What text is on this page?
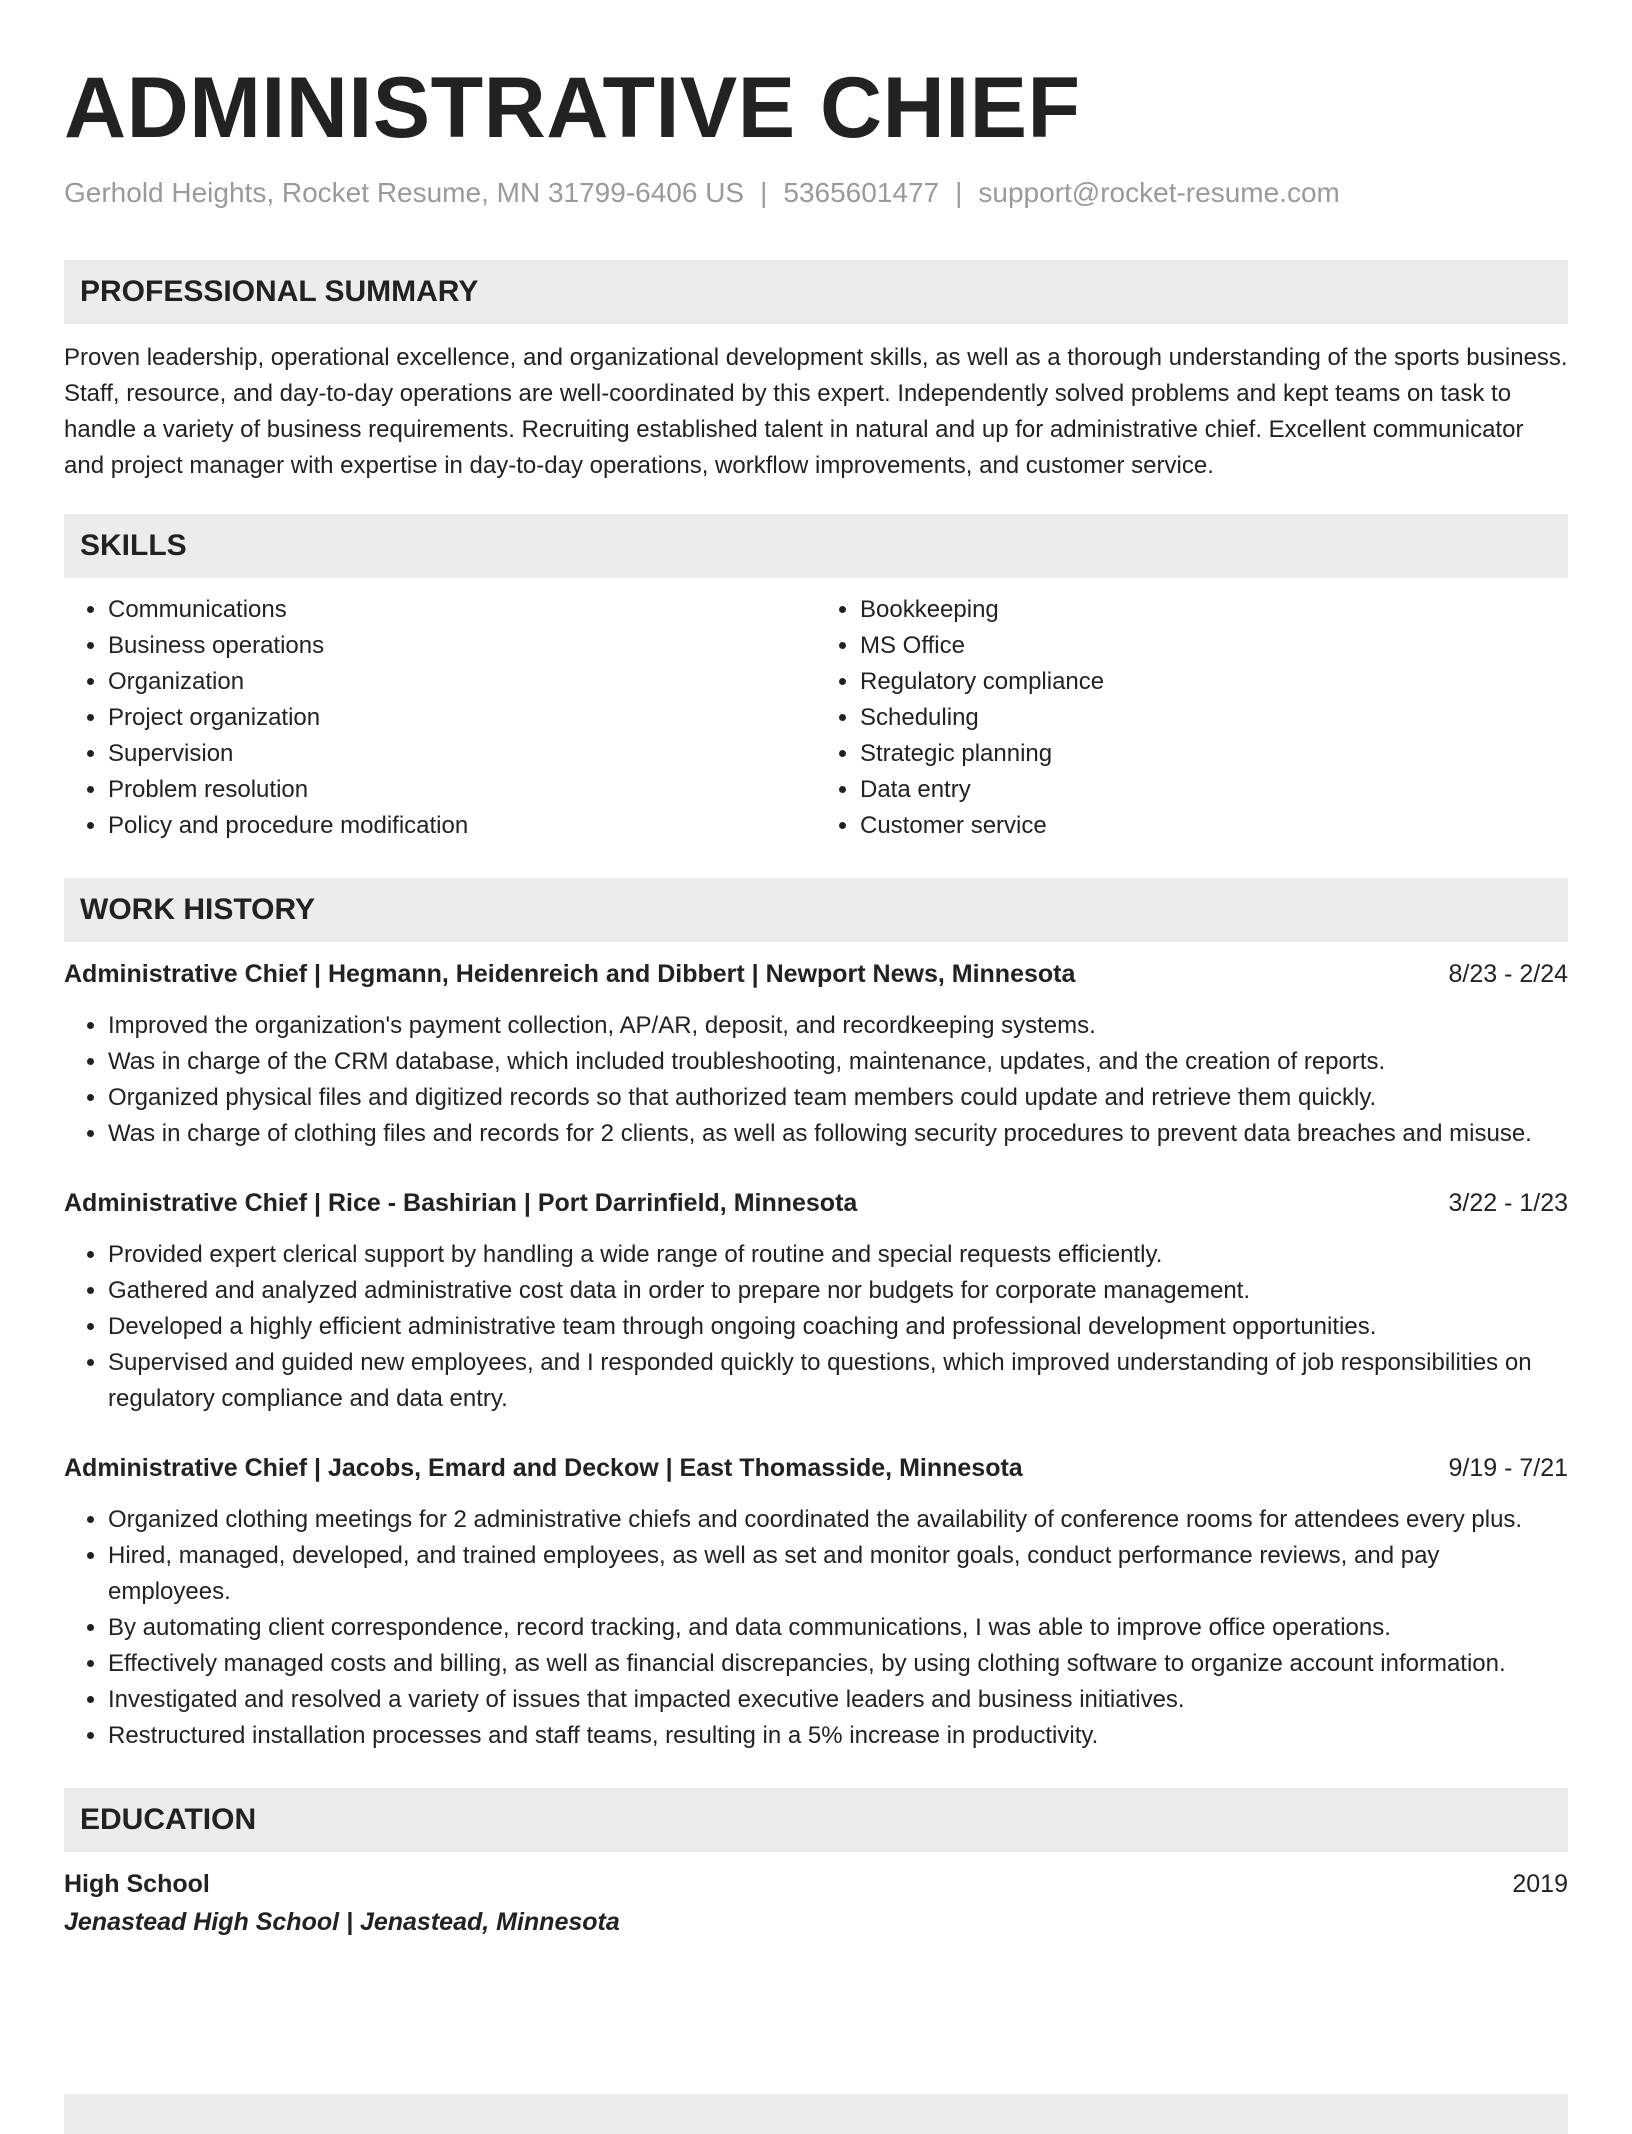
ADMINISTRATIVE CHIEF
Gerhold Heights, Rocket Resume, MN 31799-6406 US | 5365601477 | support@rocket-resume.com
PROFESSIONAL SUMMARY

Proven leadership, operational excellence, and organizational development skills, as well as a thorough understanding of the sports business. Staff, resource, and day-to-day operations are well-coordinated by this expert. Independently solved problems and kept teams on task to handle a variety of business requirements. Recruiting established talent in natural and up for administrative chief. Excellent communicator and project manager with expertise in day-to-day operations, workflow improvements, and customer service.

SKILLS
• Communications
• Business operations
• Organization
• Project organization
• Supervision
• Problem resolution
• Policy and procedure modification
• Bookkeeping
• MS Office
• Regulatory compliance
• Scheduling
• Strategic planning
• Data entry
• Customer service
WORK HISTORY
Administrative Chief | Hegmann, Heidenreich and Dibbert | Newport News, Minnesota	8/23 - 2/24
• Improved the organization's payment collection, AP/AR, deposit, and recordkeeping systems.
• Was in charge of the CRM database, which included troubleshooting, maintenance, updates, and the creation of reports.
• Organized physical files and digitized records so that authorized team members could update and retrieve them quickly.
• Was in charge of clothing files and records for 2 clients, as well as following security procedures to prevent data breaches and misuse.
Administrative Chief | Rice - Bashirian | Port Darrinfield, Minnesota	3/22 - 1/23
• Provided expert clerical support by handling a wide range of routine and special requests efficiently.
• Gathered and analyzed administrative cost data in order to prepare nor budgets for corporate management.
• Developed a highly efficient administrative team through ongoing coaching and professional development opportunities.
• Supervised and guided new employees, and I responded quickly to questions, which improved understanding of job responsibilities on regulatory compliance and data entry.
Administrative Chief | Jacobs, Emard and Deckow | East Thomasside, Minnesota	9/19 - 7/21
• Organized clothing meetings for 2 administrative chiefs and coordinated the availability of conference rooms for attendees every plus.
• Hired, managed, developed, and trained employees, as well as set and monitor goals, conduct performance reviews, and pay employees.
• By automating client correspondence, record tracking, and data communications, I was able to improve office operations.
• Effectively managed costs and billing, as well as financial discrepancies, by using clothing software to organize account information.
• Investigated and resolved a variety of issues that impacted executive leaders and business initiatives.
• Restructured installation processes and staff teams, resulting in a 5% increase in productivity.
EDUCATION
High School	2019
Jenastead High School | Jenastead, Minnesota
